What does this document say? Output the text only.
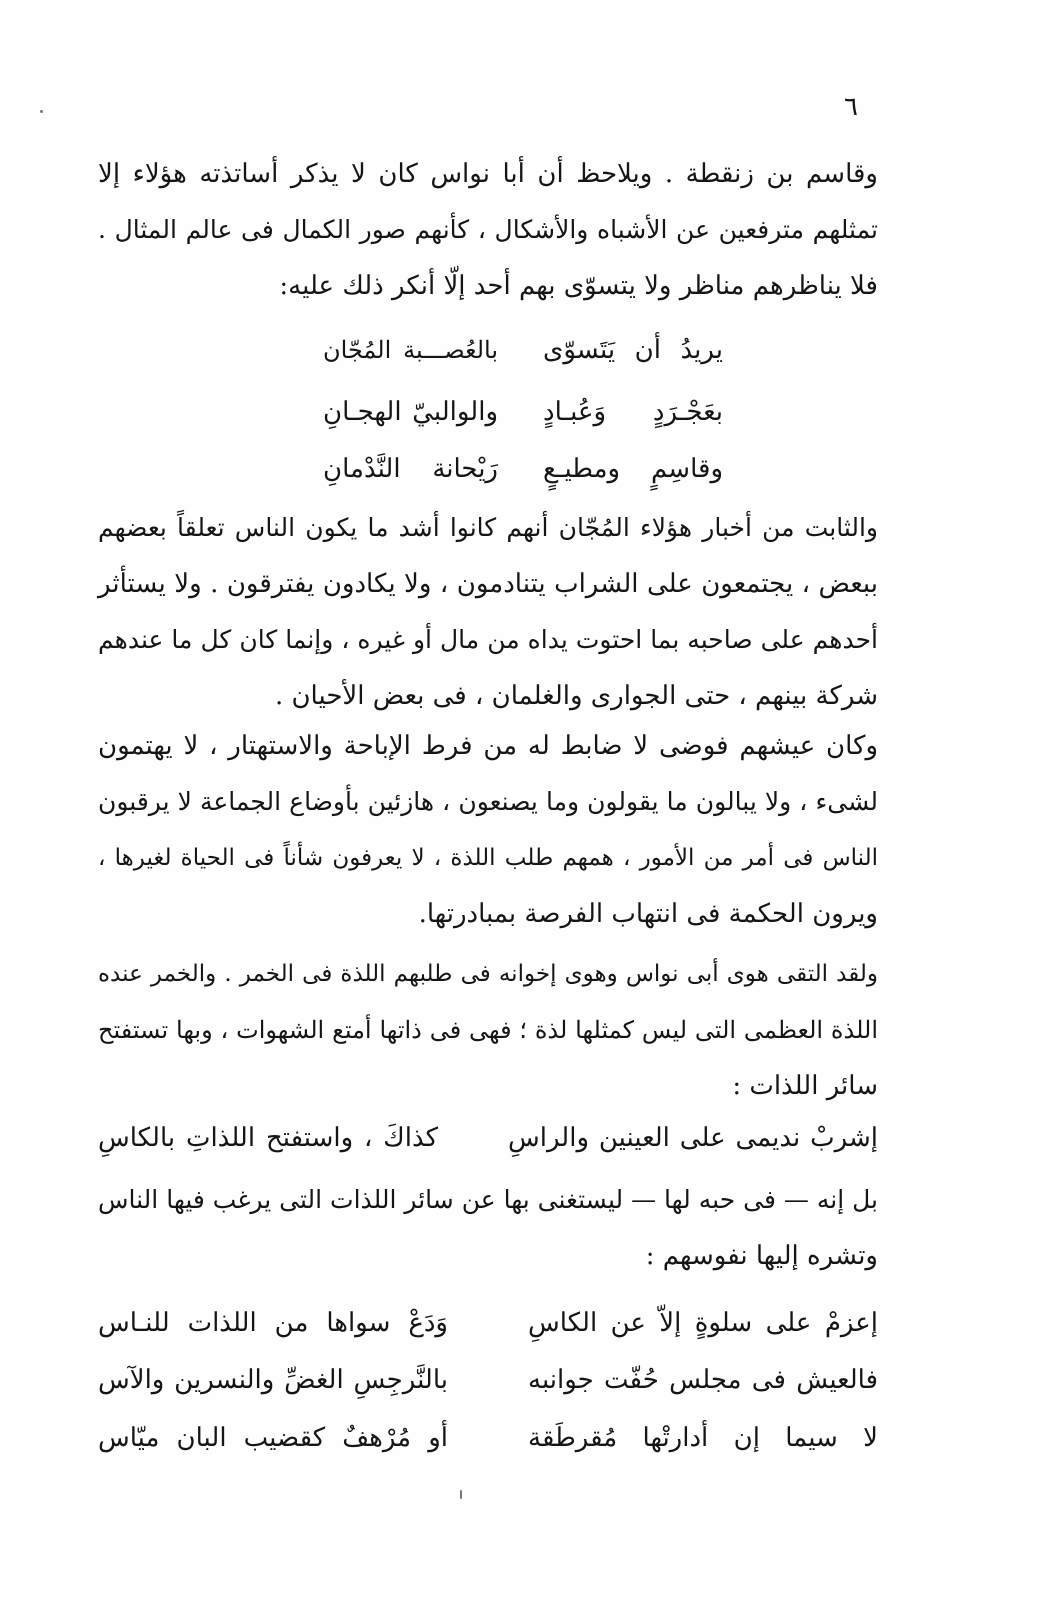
٦
وقاسم بن زنقطة . ويلاحظ أن أبا نواس كان لا يذكر أساتذته هؤلاء إلا
تمثلهم مترفعين عن الأشباه والأشكال ، كأنهم صور الكمال فى عالم المثال .
فلا يناظرهم مناظر ولا يتسوّى بهم أحد إلّا أنكر ذلك عليه:
يريدُ أن يَتَسوّى
بالعُصـــبة المُجّان
بعَجْـرَدٍ وَعُبـادٍ
والوالبيّ الهجـانِ
وقاسِمٍ ومطيـعٍ
رَيْحانة النَّدْمانِ
والثابت من أخبار هؤلاء المُجّان أنهم كانوا أشد ما يكون الناس تعلقاً بعضهم
ببعض ، يجتمعون على الشراب يتنادمون ، ولا يكادون يفترقون . ولا يستأثر
أحدهم على صاحبه بما احتوت يداه من مال أو غيره ، وإنما كان كل ما عندهم
شركة بينهم ، حتى الجوارى والغلمان ، فى بعض الأحيان .
وكان عيشهم فوضى لا ضابط له من فرط الإباحة والاستهتار ، لا يهتمون
لشىء ، ولا يبالون ما يقولون وما يصنعون ، هازئين بأوضاع الجماعة لا يرقبون
الناس فى أمر من الأمور ، همهم طلب اللذة ، لا يعرفون شأناً فى الحياة لغيرها ،
ويرون الحكمة فى انتهاب الفرصة بمبادرتها.
ولقد التقى هوى أبى نواس وهوى إخوانه فى طلبهم اللذة فى الخمر . والخمر عنده
اللذة العظمى التى ليس كمثلها لذة ؛ فهى فى ذاتها أمتع الشهوات ، وبها تستفتح
سائر اللذات :
إشربْ نديمى على العينين والراسِ
كذاكَ ، واستفتح اللذاتِ بالكاسِ
بل إنه — فى حبه لها — ليستغنى بها عن سائر اللذات التى يرغب فيها الناس
وتشره إليها نفوسهم :
إعزمْ على سلوةٍ إلاّ عن الكاسِ
وَدَعْ سواها من اللذات للنـاس
فالعيش فى مجلس حُفّت جوانبه
بالنَّرجِسِ الغضِّ والنسرين والآس
لا سيما إن أدارتْها مُقرطَقة
أو مُرْهفٌ كقضيب البان ميّاس
